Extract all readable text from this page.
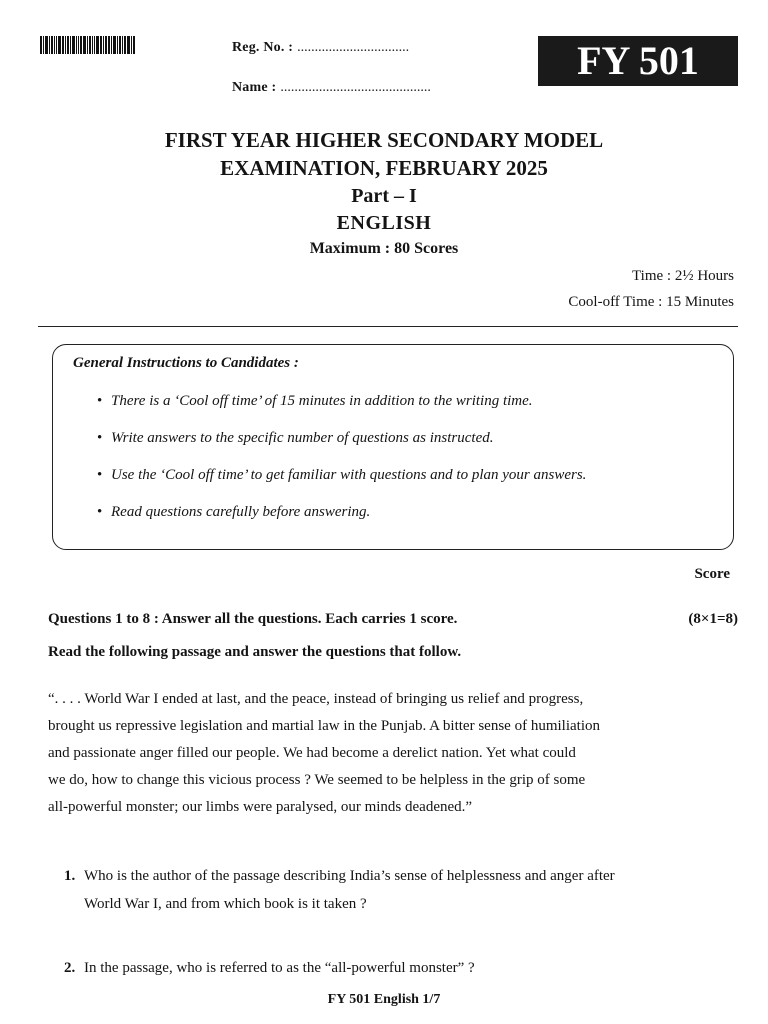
Reg. No. : ................................
Name : ...........................................
FY 501
FIRST YEAR HIGHER SECONDARY MODEL
EXAMINATION, FEBRUARY 2025
Part – I
ENGLISH
Maximum : 80 Scores
Time : 2½ Hours
Cool-off Time : 15 Minutes
General Instructions to Candidates :
• There is a ‘Cool off time’ of 15 minutes in addition to the writing time.
• Write answers to the specific number of questions as instructed.
• Use the ‘Cool off time’ to get familiar with questions and to plan your answers.
• Read questions carefully before answering.
Score
Questions 1 to 8 : Answer all the questions. Each carries 1 score.	(8×1=8)
Read the following passage and answer the questions that follow.
“. . . . World War I ended at last, and the peace, instead of bringing us relief and progress,
brought us repressive legislation and martial law in the Punjab. A bitter sense of humiliation
and passionate anger filled our people. We had become a derelict nation. Yet what could
we do, how to change this vicious process ? We seemed to be helpless in the grip of some
all-powerful monster; our limbs were paralysed, our minds deadened.”
1. Who is the author of the passage describing India’s sense of helplessness and anger after
World War I, and from which book is it taken ?
2. In the passage, who is referred to as the “all-powerful monster” ?
FY 501 English 1/7
